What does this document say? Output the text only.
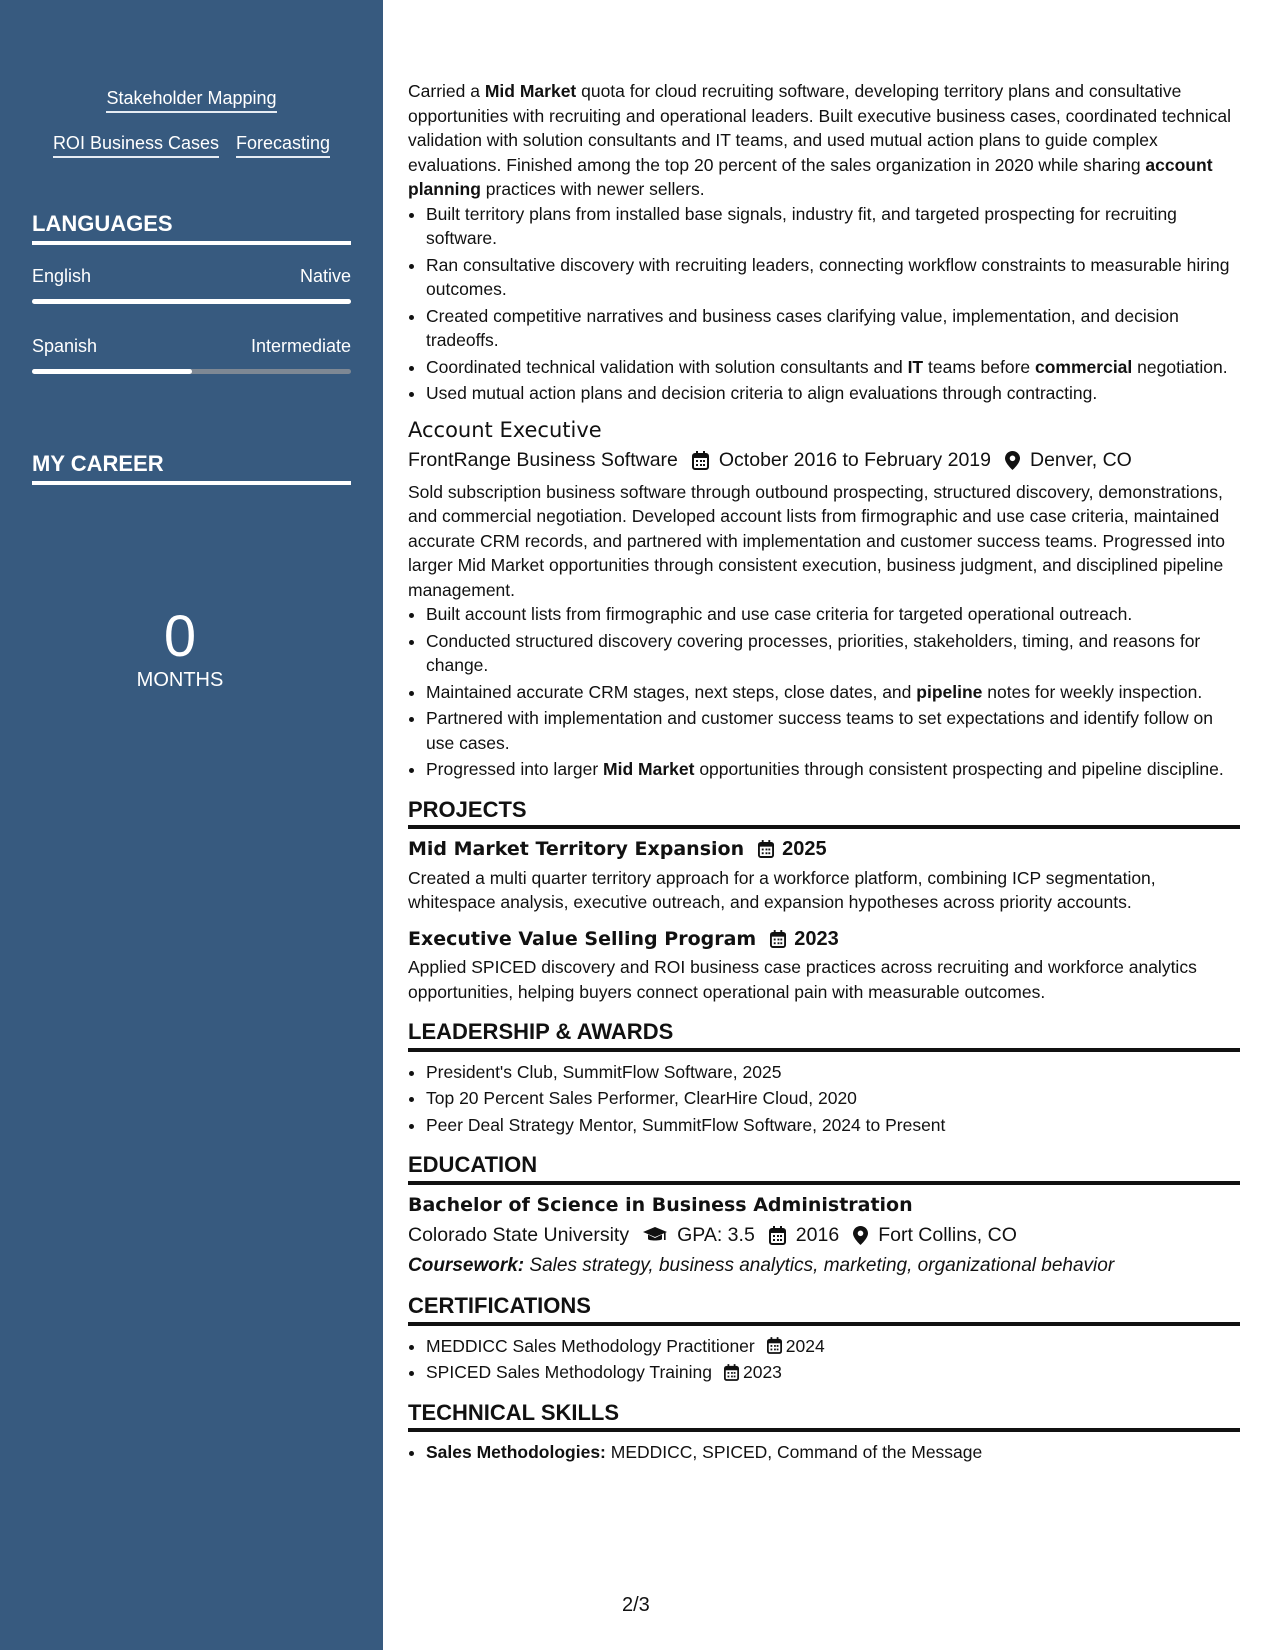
Stakeholder Mapping
ROI Business Cases Forecasting
LANGUAGES
English	Native
Spanish	Intermediate
MY CAREER
0
MONTHS

Carried a Mid Market quota for cloud recruiting software, developing territory plans and consultative opportunities with recruiting and operational leaders. Built executive business cases, coordinated technical validation with solution consultants and IT teams, and used mutual action plans to guide complex evaluations. Finished among the top 20 percent of the sales organization in 2020 while sharing account planning practices with newer sellers.

• Built territory plans from installed base signals, industry fit, and targeted prospecting for recruiting software.
• Ran consultative discovery with recruiting leaders, connecting workflow constraints to measurable hiring outcomes.
• Created competitive narratives and business cases clarifying value, implementation, and decision tradeoffs.
• Coordinated technical validation with solution consultants and IT teams before commercial negotiation.
• Used mutual action plans and decision criteria to align evaluations through contracting.
Account Executive
FrontRange Business Software October 2016 to February 2019 Denver, CO

Sold subscription business software through outbound prospecting, structured discovery, demonstrations, and commercial negotiation. Developed account lists from firmographic and use case criteria, maintained accurate CRM records, and partnered with implementation and customer success teams. Progressed into larger Mid Market opportunities through consistent execution, business judgment, and disciplined pipeline management.

• Built account lists from firmographic and use case criteria for targeted operational outreach.
• Conducted structured discovery covering processes, priorities, stakeholders, timing, and reasons for change.
• Maintained accurate CRM stages, next steps, close dates, and pipeline notes for weekly inspection.
• Partnered with implementation and customer success teams to set expectations and identify follow on use cases.
• Progressed into larger Mid Market opportunities through consistent prospecting and pipeline discipline.
PROJECTS
Mid Market Territory Expansion 2025

Created a multi quarter territory approach for a workforce platform, combining ICP segmentation, whitespace analysis, executive outreach, and expansion hypotheses across priority accounts.

Executive Value Selling Program 2023

Applied SPICED discovery and ROI business case practices across recruiting and workforce analytics opportunities, helping buyers connect operational pain with measurable outcomes.

LEADERSHIP & AWARDS
• President's Club, SummitFlow Software, 2025
• Top 20 Percent Sales Performer, ClearHire Cloud, 2020
• Peer Deal Strategy Mentor, SummitFlow Software, 2024 to Present
EDUCATION
Bachelor of Science in Business Administration
Colorado State University GPA: 3.5 2016 Fort Collins, CO
Coursework: Sales strategy, business analytics, marketing, organizational behavior
CERTIFICATIONS
• MEDDICC Sales Methodology Practitioner 2024
• SPICED Sales Methodology Training 2023
TECHNICAL SKILLS
• Sales Methodologies: MEDDICC, SPICED, Command of the Message
2/3
